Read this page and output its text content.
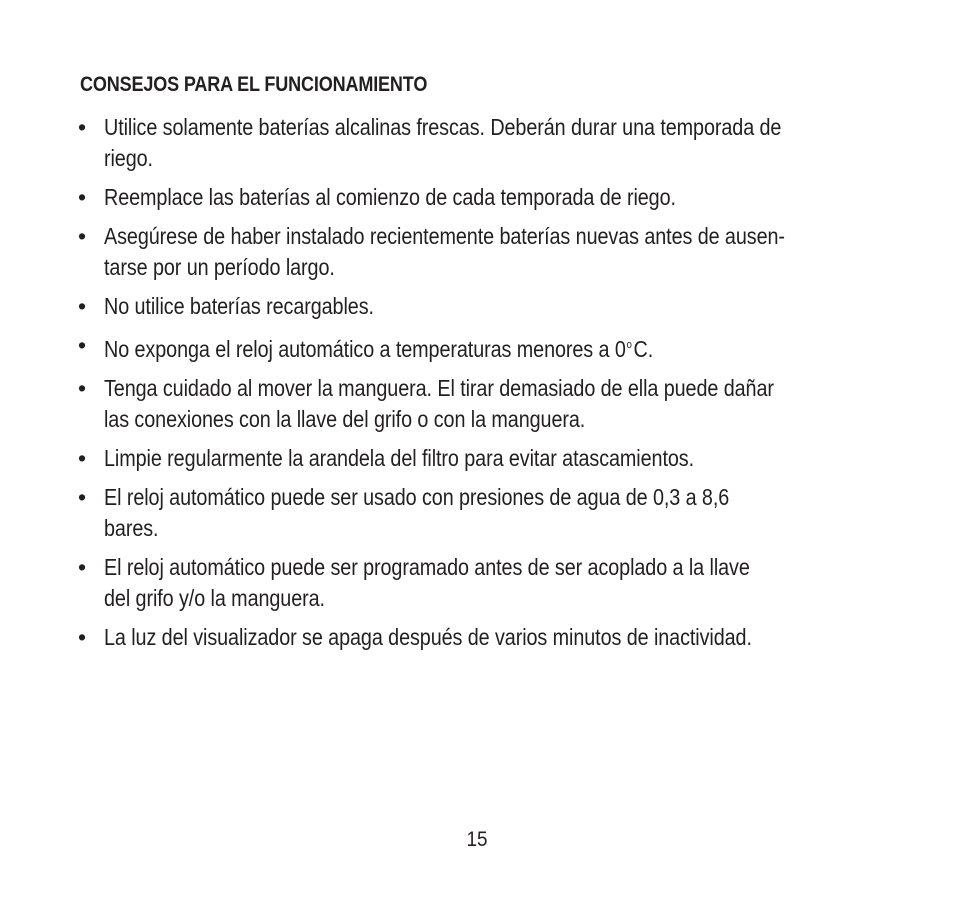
CONSEJOS PARA EL FUNCIONAMIENTO
• Utilice solamente baterías alcalinas frescas. Deberán durar una temporada de
riego.
• Reemplace las baterías al comienzo de cada temporada de riego.
• Asegúrese de haber instalado recientemente baterías nuevas antes de ausen-
tarse por un período largo.
• No utilice baterías recargables.
• No exponga el reloj automático a temperaturas menores a 0$^o$C.
• Tenga cuidado al mover la manguera. El tirar demasiado de ella puede dañar
las conexiones con la llave del grifo o con la manguera.
• Limpie regularmente la arandela del filtro para evitar atascamientos.
• El reloj automático puede ser usado con presiones de agua de 0,3 a 8,6
bares.
• El reloj automático puede ser programado antes de ser acoplado a la llave
del grifo y/o la manguera.
• La luz del visualizador se apaga después de varios minutos de inactividad.
15
